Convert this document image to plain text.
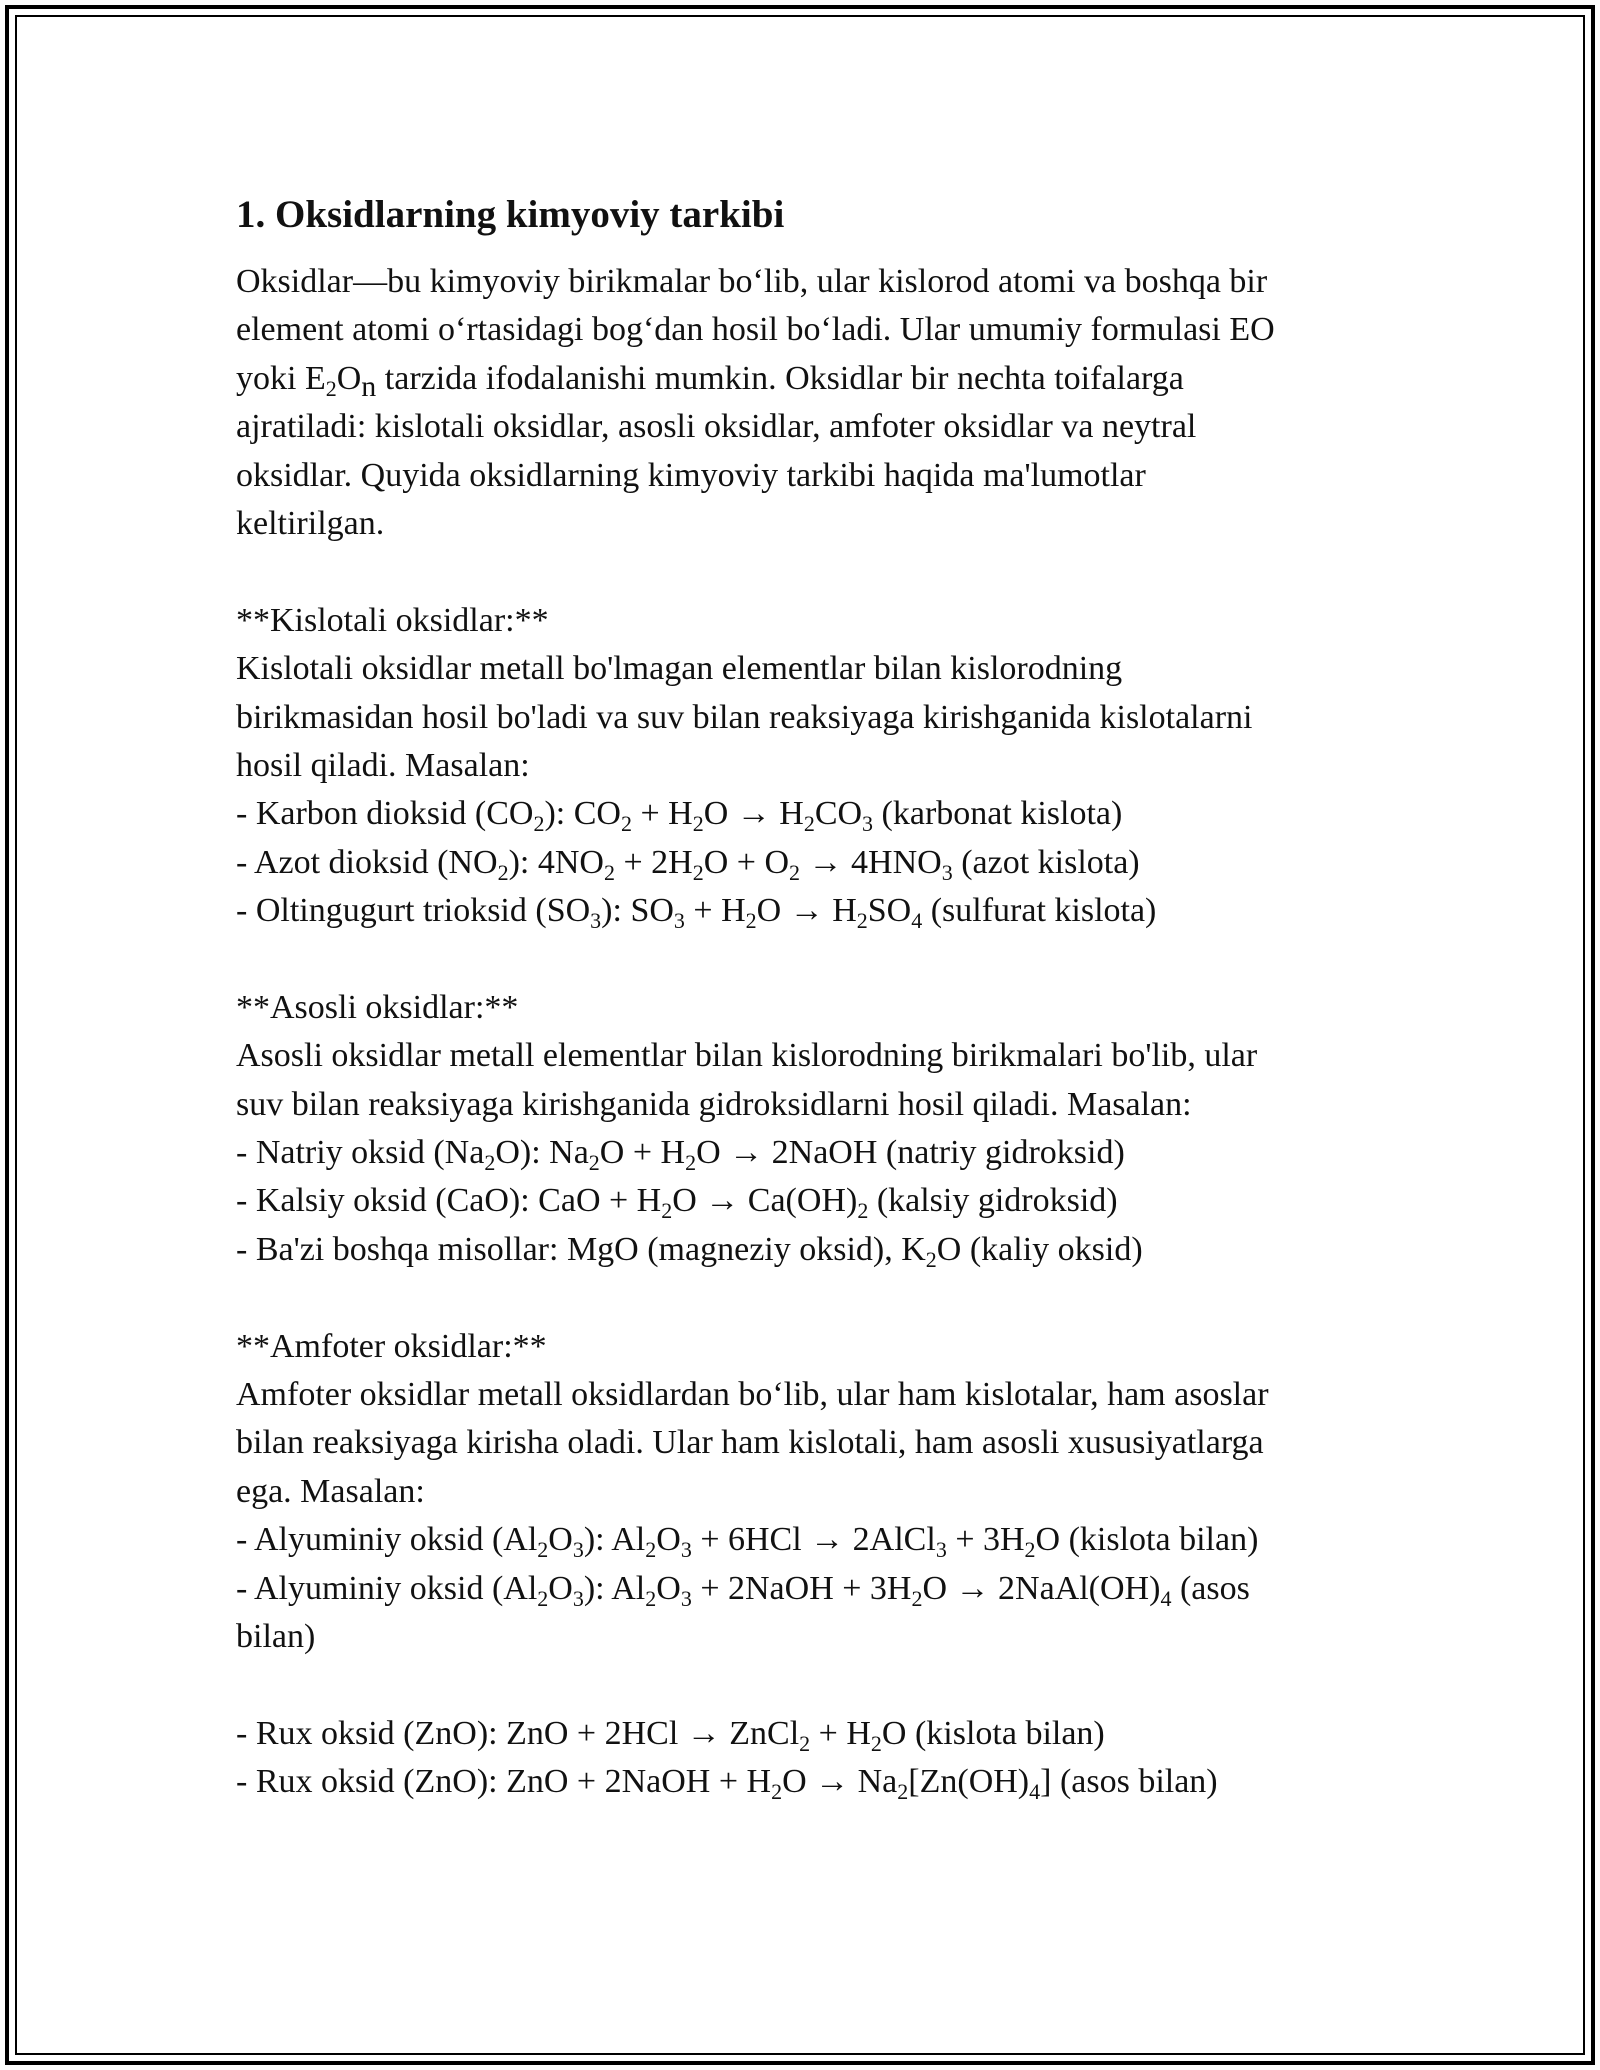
1. Oksidlarning kimyoviy tarkibi
Oksidlar—bu kimyoviy birikmalar bo‘lib, ular kislorod atomi va boshqa bir
element atomi o‘rtasidagi bog‘dan hosil bo‘ladi. Ular umumiy formulasi EO
yoki $E_2O_n$ tarzida ifodalanishi mumkin. Oksidlar bir nechta toifalarga
ajratiladi: kislotali oksidlar, asosli oksidlar, amfoter oksidlar va neytral
oksidlar. Quyida oksidlarning kimyoviy tarkibi haqida ma'lumotlar
keltirilgan.
**Kislotali oksidlar:**
Kislotali oksidlar metall bo'lmagan elementlar bilan kislorodning
birikmasidan hosil bo'ladi va suv bilan reaksiyaga kirishganida kislotalarni
hosil qiladi. Masalan:
- Karbon dioksid $(CO_2)$: $CO_2 + H_2O \to H_2CO_3$ (karbonat kislota)
- Azot dioksid $(NO_2)$: $4NO_2 + 2H_2O + O_2 \to 4HNO_3$ (azot kislota)
- Oltingugurt trioksid $(SO_3)$: $SO_3 + H_2O \to H_2SO_4$ (sulfurat kislota)
**Asosli oksidlar:**
Asosli oksidlar metall elementlar bilan kislorodning birikmalari bo'lib, ular
suv bilan reaksiyaga kirishganida gidroksidlarni hosil qiladi. Masalan:
- Natriy oksid $(Na_2O)$: $Na_2O + H_2O$ → 2NaOH (natriy gidroksid)
- Kalsiy oksid (CaO): CaO + $H_2O \to Ca(OH)_2$ (kalsiy gidroksid)
- Ba'zi boshqa misollar: MgO (magneziy oksid), $K_2O$ (kaliy oksid)
**Amfoter oksidlar:**
Amfoter oksidlar metall oksidlardan bo‘lib, ular ham kislotalar, ham asoslar
bilan reaksiyaga kirisha oladi. Ular ham kislotali, ham asosli xususiyatlarga
ega. Masalan:
- Alyuminiy oksid $(Al_2O_3)$: $Al_2O_3 + 6HCl$ → 2AlCl$_3$ + $3H_2O$ (kislota bilan)
- Alyuminiy oksid $(Al_2O_3)$: $Al_2O_3$ + 2NaOH + $3H_2O$ → $2NaAl(OH)_4$ (asos
bilan)
- Rux oksid (ZnO): ZnO + 2HCl → ZnCl$_2$ + $H_2O$ (kislota bilan)
- Rux oksid (ZnO): ZnO + 2NaOH + $H_2O \to Na_2[Zn(OH)_4]$ (asos bilan)
